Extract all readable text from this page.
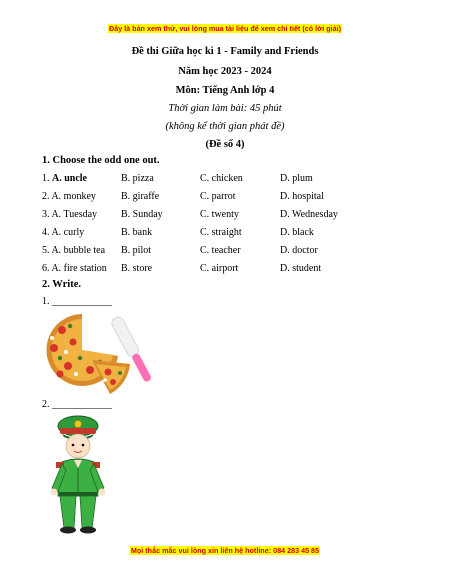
Đây là bản xem thử, vui lòng mua tài liệu để xem chi tiết (có lời giải)
Đề thi Giữa học kì 1 - Family and Friends
Năm học 2023 - 2024
Môn: Tiếng Anh lớp 4
Thời gian làm bài: 45 phút
(không kể thời gian phát đề)
(Đề số 4)
1. Choose the odd one out.
1. A. uncle	B. pizza	C. chicken	D. plum
2. A. monkey	B. giraffe	C. parrot	D. hospital
3. A. Tuesday B. Sunday	C. twenty	D. Wednesday
4. A. curly	B. bank	C. straight	D. black
5. A. bubble tea B. pilot	C. teacher	D. doctor
6. A. fire station B. store	C. airport	D. student
2. Write.
1. ____________
2. ____________
Mọi thắc mắc vui lòng xin liên hệ hotline: 084 283 45 85
